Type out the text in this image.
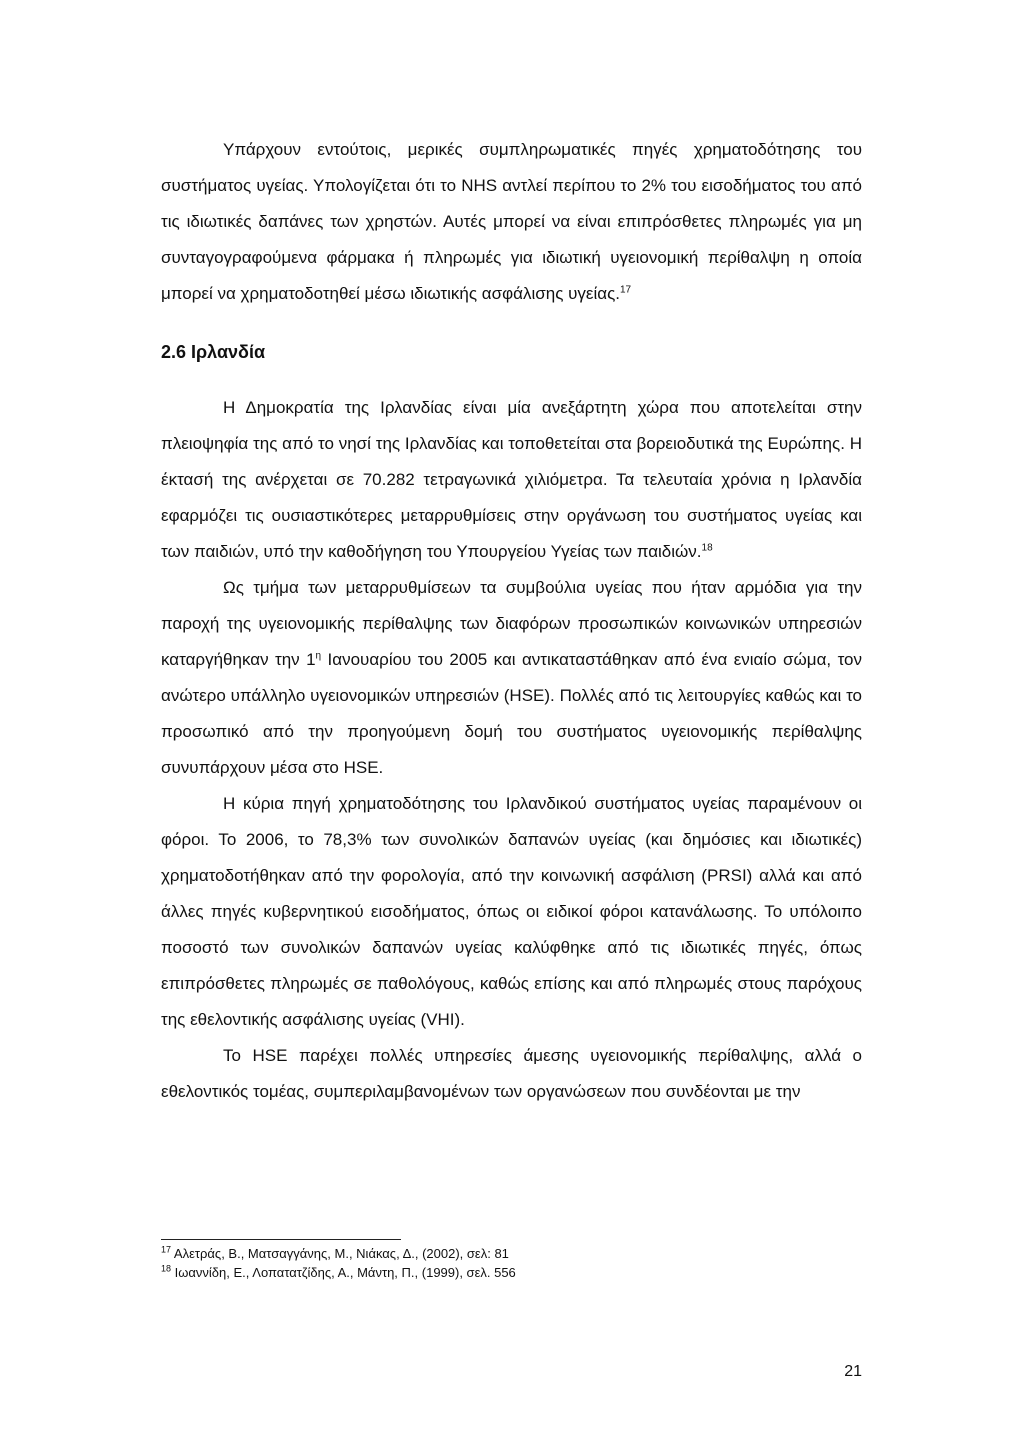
Υπάρχουν εντούτοις, μερικές συμπληρωματικές πηγές χρηματοδότησης του συστήματος υγείας. Υπολογίζεται ότι το NHS αντλεί περίπου το 2% του εισοδήματος του από τις ιδιωτικές δαπάνες των χρηστών. Αυτές μπορεί να είναι επιπρόσθετες πληρωμές για μη συνταγογραφούμενα φάρμακα ή πληρωμές για ιδιωτική υγειονομική περίθαλψη η οποία μπορεί να χρηματοδοτηθεί μέσω ιδιωτικής ασφάλισης υγείας.$^{17}$

2.6 Ιρλανδία

Η Δημοκρατία της Ιρλανδίας είναι μία ανεξάρτητη χώρα που αποτελείται στην πλειοψηφία της από το νησί της Ιρλανδίας και τοποθετείται στα βορειοδυτικά της Ευρώπης. Η έκτασή της ανέρχεται σε 70.282 τετραγωνικά χιλιόμετρα. Τα τελευταία χρόνια η Ιρλανδία εφαρμόζει τις ουσιαστικότερες μεταρρυθμίσεις στην οργάνωση του συστήματος υγείας και των παιδιών, υπό την καθοδήγηση του Υπουργείου Υγείας των παιδιών.$^{18}$

Ως τμήμα των μεταρρυθμίσεων τα συμβούλια υγείας που ήταν αρμόδια για την παροχή της υγειονομικής περίθαλψης των διαφόρων προσωπικών κοινωνικών υπηρεσιών καταργήθηκαν την $1^\eta$ Ιανουαρίου του 2005 και αντικαταστάθηκαν από ένα ενιαίο σώμα, τον ανώτερο υπάλληλο υγειονομικών υπηρεσιών (HSE). Πολλές από τις λειτουργίες καθώς και το προσωπικό από την προηγούμενη δομή του συστήματος υγειονομικής περίθαλψης συνυπάρχουν μέσα στο HSE.

Η κύρια πηγή χρηματοδότησης του Ιρλανδικού συστήματος υγείας παραμένουν οι φόροι. Το 2006, το 78,3% των συνολικών δαπανών υγείας (και δημόσιες και ιδιωτικές) χρηματοδοτήθηκαν από την φορολογία, από την κοινωνική ασφάλιση (PRSI) αλλά και από άλλες πηγές κυβερνητικού εισοδήματος, όπως οι ειδικοί φόροι κατανάλωσης. Το υπόλοιπο ποσοστό των συνολικών δαπανών υγείας καλύφθηκε από τις ιδιωτικές πηγές, όπως επιπρόσθετες πληρωμές σε παθολόγους, καθώς επίσης και από πληρωμές στους παρόχους της εθελοντικής ασφάλισης υγείας (VHI).

Το HSE παρέχει πολλές υπηρεσίες άμεσης υγειονομικής περίθαλψης, αλλά ο εθελοντικός τομέας, συμπεριλαμβανομένων των οργανώσεων που συνδέονται με την

$^{17}$ Αλετράς, Β., Ματσαγγάνης, Μ., Νιάκας, Δ., (2002), σελ: 81

$^{18}$ Ιωαννίδη, Ε., Λοπατατζίδης, Α., Μάντη, Π., (1999), σελ. 556

21
